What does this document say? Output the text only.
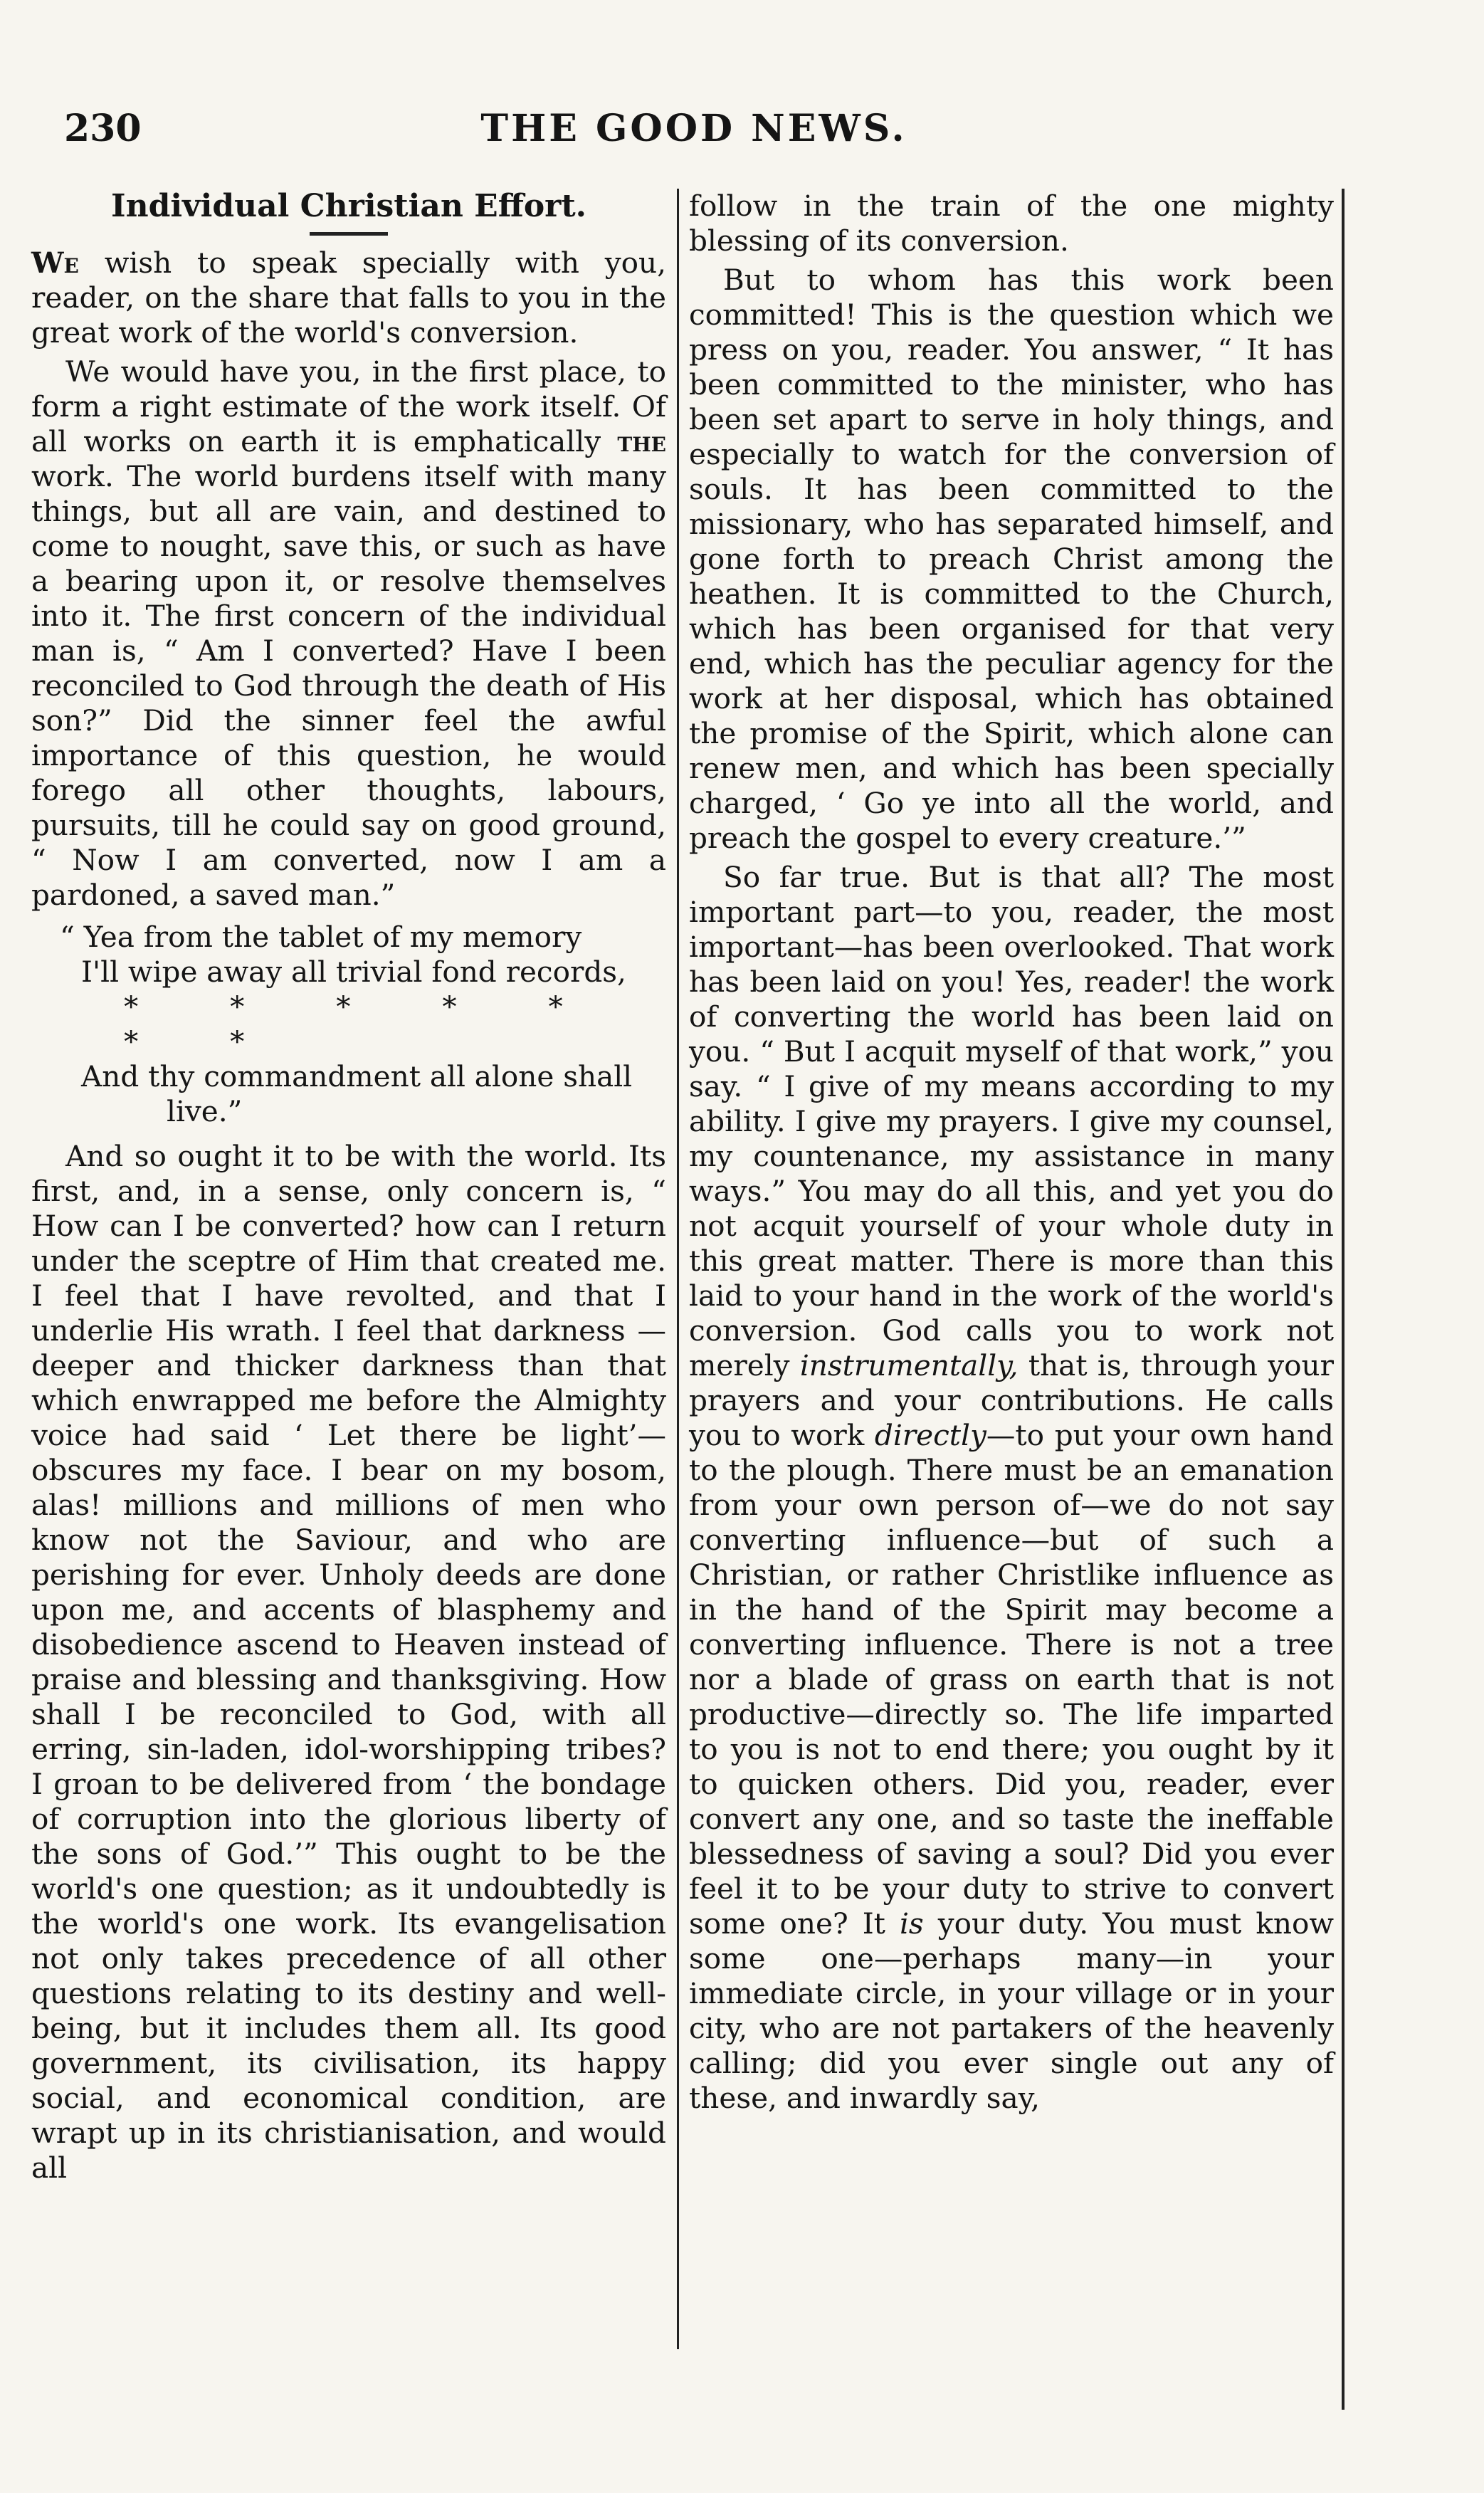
230	THE GOOD NEWS.
Individual Christian Effort.

We wish to speak specially with you, reader, on the share that falls to you in the great work of the world's conversion.

We would have you, in the first place, to form a right estimate of the work itself. Of all works on earth it is emphatically the work. The world burdens itself with many things, but all are vain, and destined to come to nought, save this, or such as have a bearing upon it, or resolve themselves into it. The first concern of the individual man is, “ Am I converted? Have I been reconciled to God through the death of His son?” Did the sinner feel the awful importance of this question, he would forego all other thoughts, labours, pursuits, till he could say on good ground, “ Now I am converted, now I am a pardoned, a saved man.”

“ Yea from the tablet of my memory
I'll wipe away all trivial fond records,
* * * * * * *
And thy commandment all alone shall
live.”

And so ought it to be with the world. Its first, and, in a sense, only concern is, “ How can I be converted? how can I return under the sceptre of Him that created me. I feel that I have revolted, and that I underlie His wrath. I feel that darkness —deeper and thicker darkness than that which enwrapped me before the Almighty voice had said ‘ Let there be light’—obscures my face. I bear on my bosom, alas! millions and millions of men who know not the Saviour, and who are perishing for ever. Unholy deeds are done upon me, and accents of blasphemy and disobedience ascend to Heaven instead of praise and blessing and thanksgiving. How shall I be reconciled to God, with all erring, sin-laden, idol-worshipping tribes? I groan to be delivered from ‘ the bondage of corruption into the glorious liberty of the sons of God.’” This ought to be the world's one question; as it undoubtedly is the world's one work. Its evangelisation not only takes precedence of all other questions relating to its destiny and well-being, but it includes them all. Its good government, its civilisation, its happy social, and economical condition, are wrapt up in its christianisation, and would all

follow in the train of the one mighty blessing of its conversion.

But to whom has this work been committed! This is the question which we press on you, reader. You answer, “ It has been committed to the minister, who has been set apart to serve in holy things, and especially to watch for the conversion of souls. It has been committed to the missionary, who has separated himself, and gone forth to preach Christ among the heathen. It is committed to the Church, which has been organised for that very end, which has the peculiar agency for the work at her disposal, which has obtained the promise of the Spirit, which alone can renew men, and which has been specially charged, ‘ Go ye into all the world, and preach the gospel to every creature.’”

So far true. But is that all? The most important part—to you, reader, the most important—has been overlooked. That work has been laid on you! Yes, reader! the work of converting the world has been laid on you. “ But I acquit myself of that work,” you say. “ I give of my means according to my ability. I give my prayers. I give my counsel, my countenance, my assistance in many ways.” You may do all this, and yet you do not acquit yourself of your whole duty in this great matter. There is more than this laid to your hand in the work of the world's conversion. God calls you to work not merely instrumentally, that is, through your prayers and your contributions. He calls you to work directly—to put your own hand to the plough. There must be an emanation from your own person of—we do not say converting influence—but of such a Christian, or rather Christlike influence as in the hand of the Spirit may become a converting influence. There is not a tree nor a blade of grass on earth that is not productive—directly so. The life imparted to you is not to end there; you ought by it to quicken others. Did you, reader, ever convert any one, and so taste the ineffable blessedness of saving a soul? Did you ever feel it to be your duty to strive to convert some one? It is your duty. You must know some one—perhaps many—in your immediate circle, in your village or in your city, who are not partakers of the heavenly calling; did you ever single out any of these, and inwardly say,
